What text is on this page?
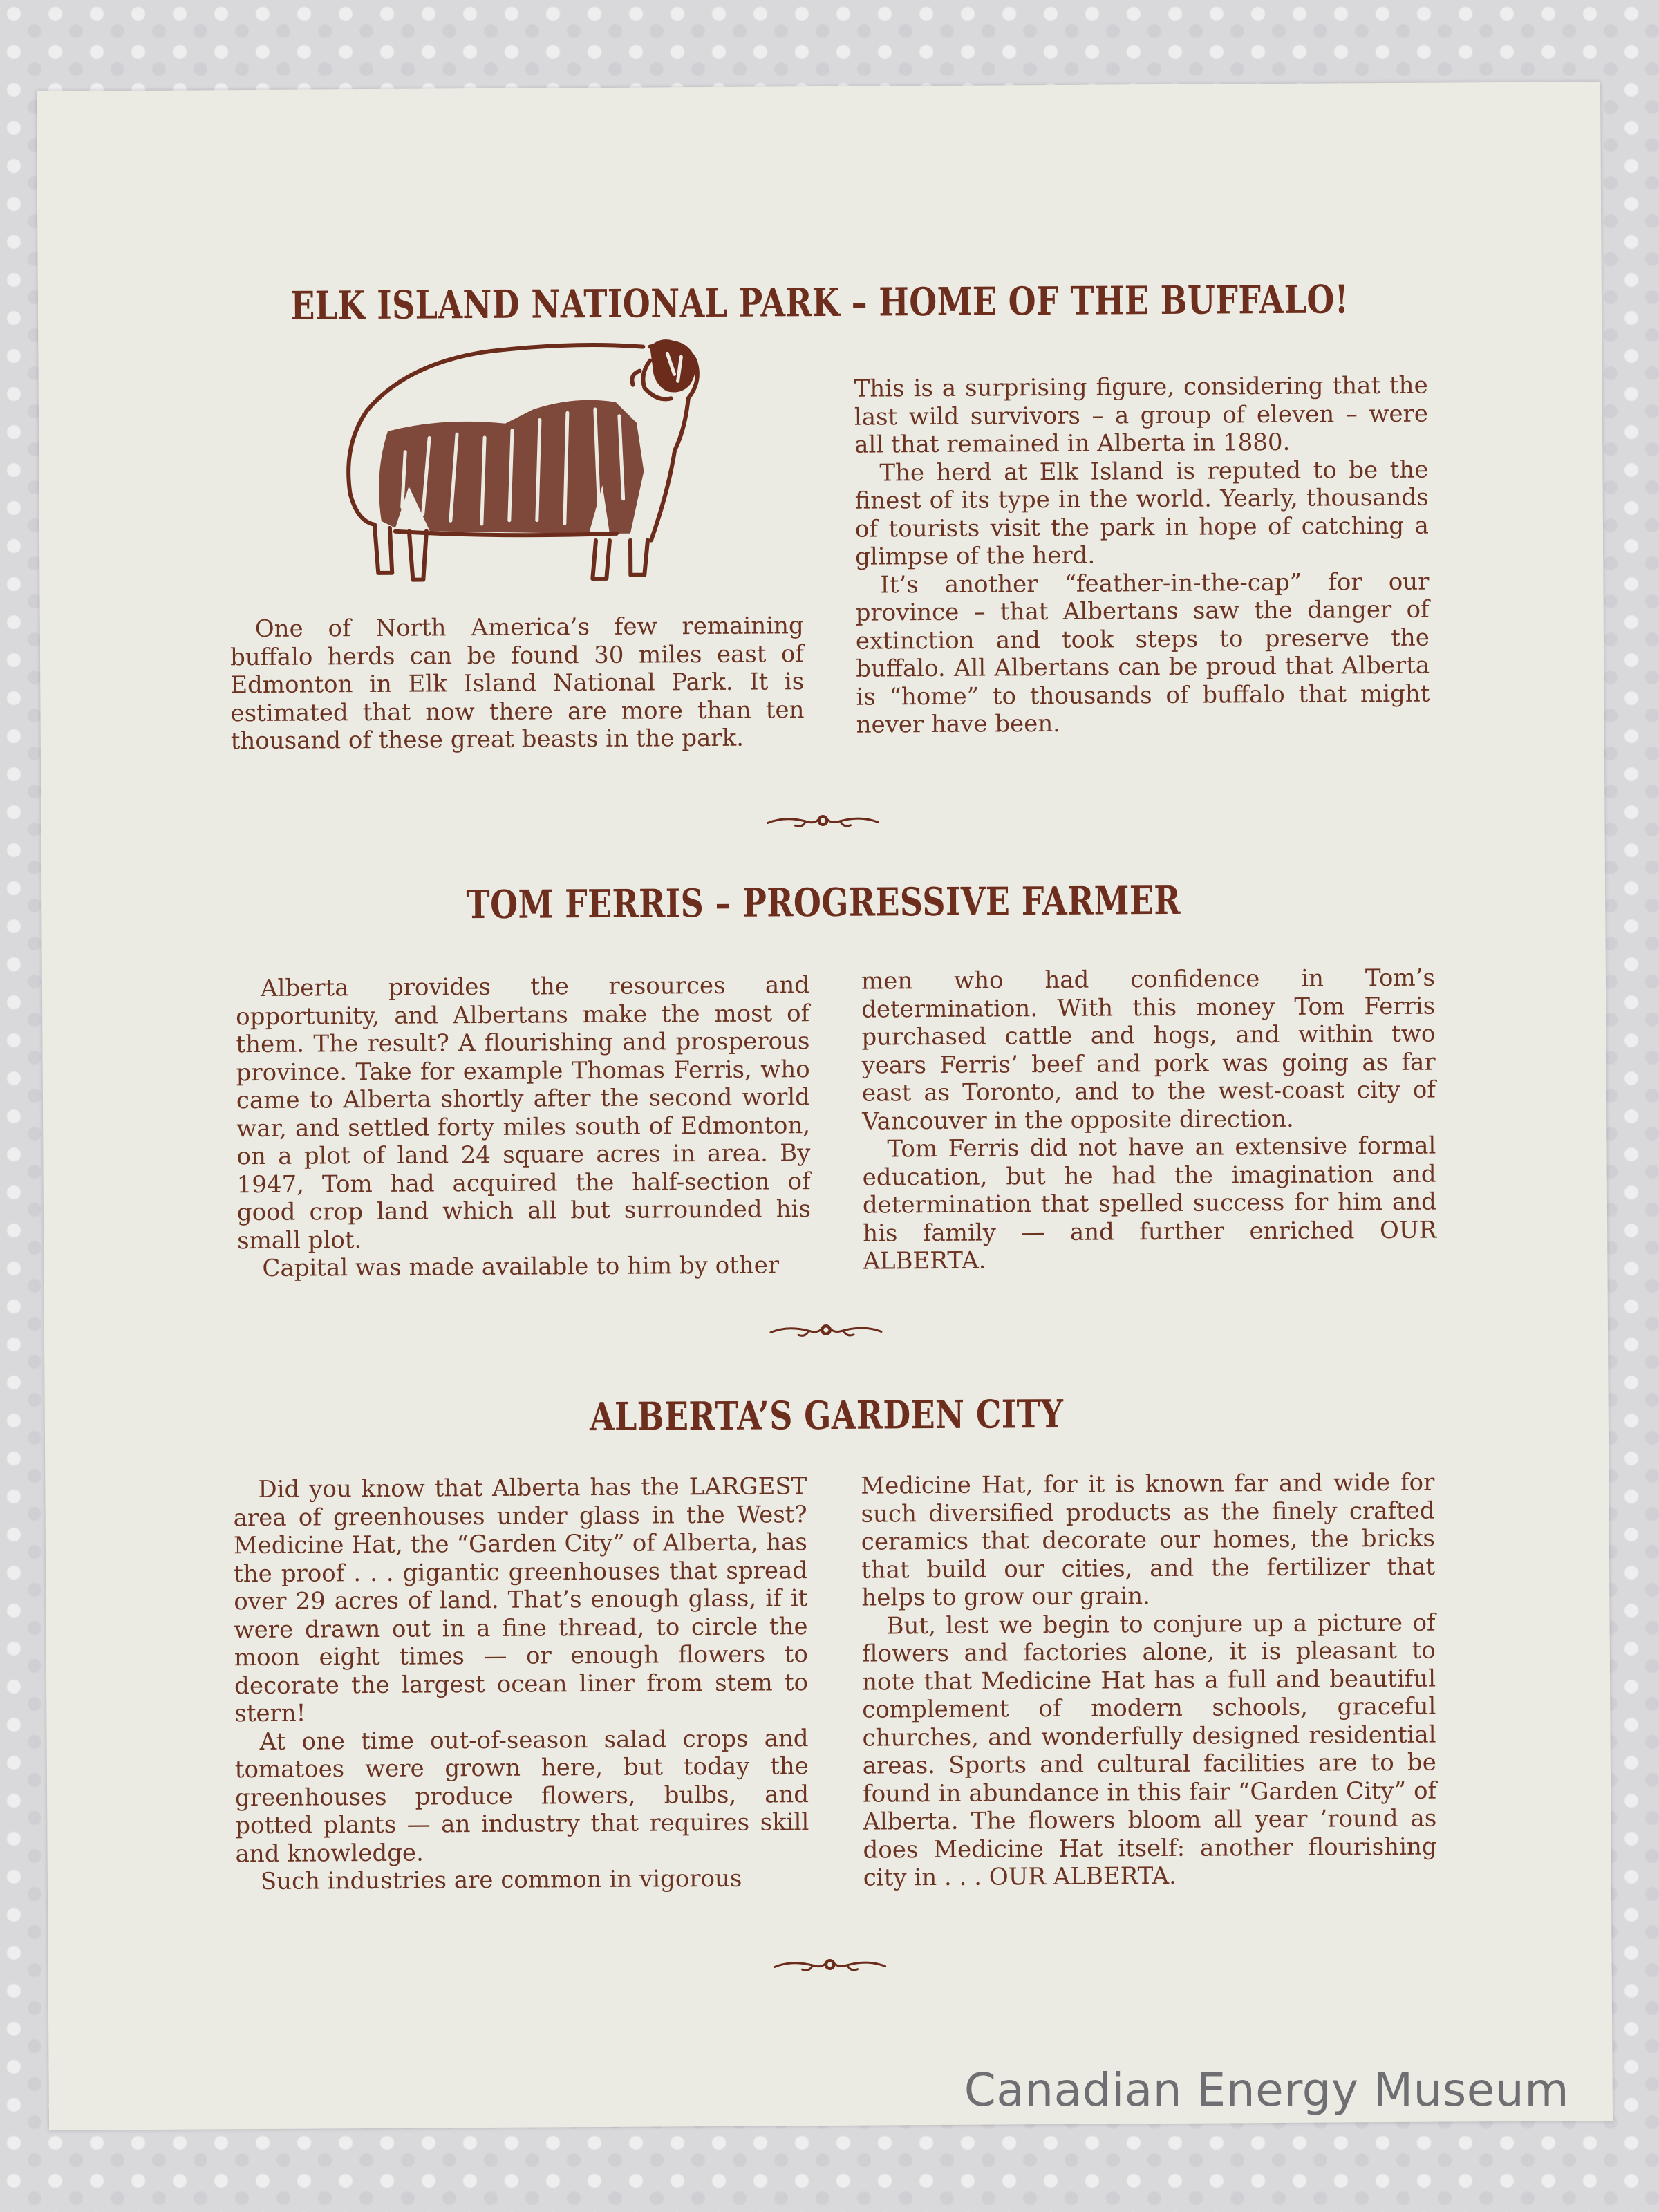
ELK ISLAND NATIONAL PARK – HOME OF THE BUFFALO!

One of North America’s few remaining buffalo herds can be found 30 miles east of Edmonton in Elk Island National Park. It is estimated that now there are more than ten thousand of these great beasts in the park.

This is a surprising figure, considering that the last wild survivors – a group of eleven – were all that remained in Alberta in 1880.

The herd at Elk Island is reputed to be the finest of its type in the world. Yearly, thousands of tourists visit the park in hope of catching a glimpse of the herd.

It’s another “feather-in-the-cap” for our province – that Albertans saw the danger of extinction and took steps to preserve the buffalo. All Albertans can be proud that Alberta is “home” to thousands of buffalo that might never have been.

TOM FERRIS – PROGRESSIVE FARMER

Alberta provides the resources and opportunity, and Albertans make the most of them. The result? A flourishing and prosperous province. Take for example Thomas Ferris, who came to Alberta shortly after the second world war, and settled forty miles south of Edmonton, on a plot of land 24 square acres in area. By 1947, Tom had acquired the half-section of good crop land which all but surrounded his small plot.

Capital was made available to him by other

men who had confidence in Tom’s determination. With this money Tom Ferris purchased cattle and hogs, and within two years Ferris’ beef and pork was going as far east as Toronto, and to the west-coast city of Vancouver in the opposite direction.

Tom Ferris did not have an extensive formal education, but he had the imagination and determination that spelled success for him and his family — and further enriched OUR ALBERTA.

ALBERTA’S GARDEN CITY

Did you know that Alberta has the LARGEST area of greenhouses under glass in the West? Medicine Hat, the “Garden City” of Alberta, has the proof . . . gigantic greenhouses that spread over 29 acres of land. That’s enough glass, if it were drawn out in a fine thread, to circle the moon eight times — or enough flowers to decorate the largest ocean liner from stem to stern!

At one time out-of-season salad crops and tomatoes were grown here, but today the greenhouses produce flowers, bulbs, and potted plants — an industry that requires skill and knowledge.

Such industries are common in vigorous

Medicine Hat, for it is known far and wide for such diversified products as the finely crafted ceramics that decorate our homes, the bricks that build our cities, and the fertilizer that helps to grow our grain.

But, lest we begin to conjure up a picture of flowers and factories alone, it is pleasant to note that Medicine Hat has a full and beautiful complement of modern schools, graceful churches, and wonderfully designed residential areas. Sports and cultural facilities are to be found in abundance in this fair “Garden City” of Alberta. The flowers bloom all year ’round as does Medicine Hat itself: another flourishing city in . . . OUR ALBERTA.

Canadian Energy Museum
